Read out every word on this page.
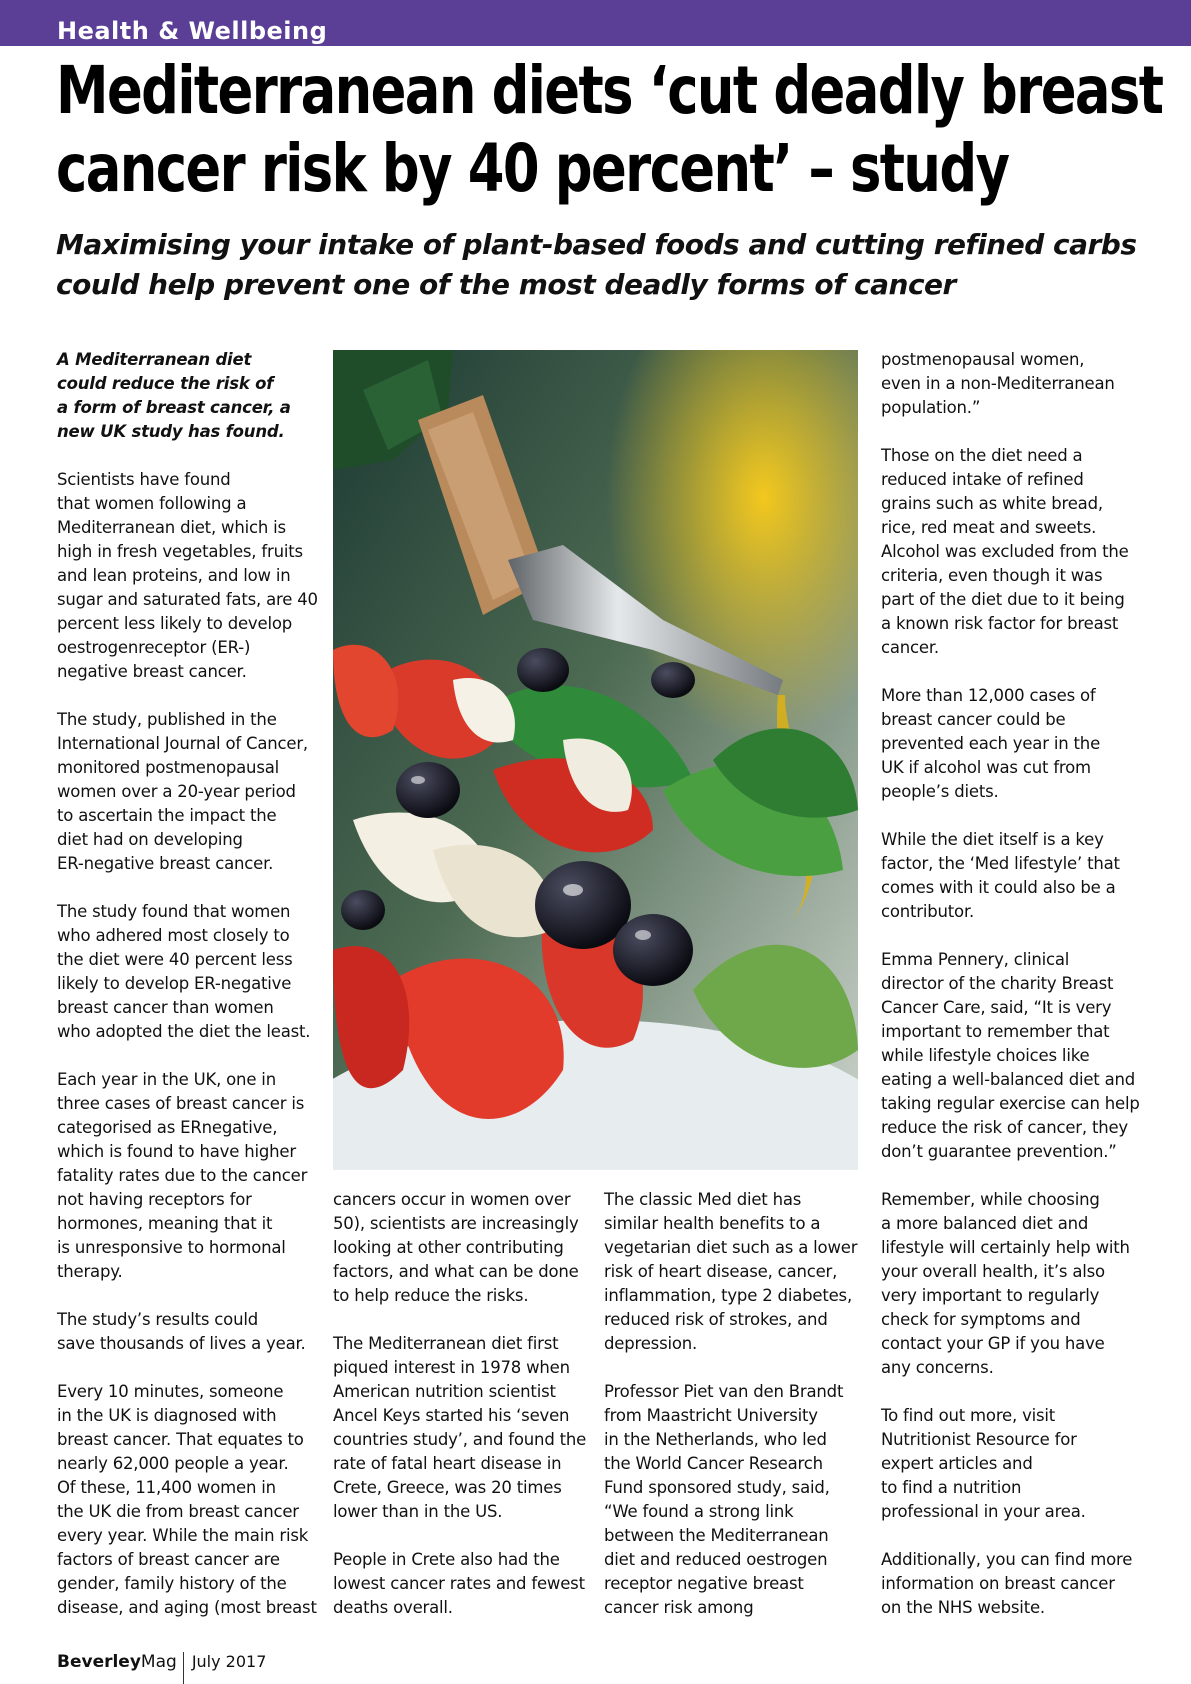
Health & Wellbeing
Mediterranean diets ‘cut deadly breast
cancer risk by 40 percent’ – study
Maximising your intake of plant-based foods and cutting refined carbs
could help prevent one of the most deadly forms of cancer

A Mediterranean diet
could reduce the risk of
a form of breast cancer, a
new UK study has found.

Scientists have found
that women following a
Mediterranean diet, which is
high in fresh vegetables, fruits
and lean proteins, and low in
sugar and saturated fats, are 40
percent less likely to develop
oestrogenreceptor (ER-)
negative breast cancer.

The study, published in the
International Journal of Cancer,
monitored postmenopausal
women over a 20-year period
to ascertain the impact the
diet had on developing
ER-negative breast cancer.

The study found that women
who adhered most closely to
the diet were 40 percent less
likely to develop ER-negative
breast cancer than women
who adopted the diet the least.

Each year in the UK, one in
three cases of breast cancer is
categorised as ERnegative,
which is found to have higher
fatality rates due to the cancer
not having receptors for
hormones, meaning that it
is unresponsive to hormonal
therapy.

The study’s results could
save thousands of lives a year.

Every 10 minutes, someone
in the UK is diagnosed with
breast cancer. That equates to
nearly 62,000 people a year.
Of these, 11,400 women in
the UK die from breast cancer
every year. While the main risk
factors of breast cancer are
gender, family history of the
disease, and aging (most breast

cancers occur in women over
50), scientists are increasingly
looking at other contributing
factors, and what can be done
to help reduce the risks.

The Mediterranean diet first
piqued interest in 1978 when
American nutrition scientist
Ancel Keys started his ‘seven
countries study’, and found the
rate of fatal heart disease in
Crete, Greece, was 20 times
lower than in the US.

People in Crete also had the
lowest cancer rates and fewest
deaths overall.

The classic Med diet has
similar health benefits to a
vegetarian diet such as a lower
risk of heart disease, cancer,
inflammation, type 2 diabetes,
reduced risk of strokes, and
depression.

Professor Piet van den Brandt
from Maastricht University
in the Netherlands, who led
the World Cancer Research
Fund sponsored study, said,
“We found a strong link
between the Mediterranean
diet and reduced oestrogen
receptor negative breast
cancer risk among

postmenopausal women,
even in a non-Mediterranean
population.”

Those on the diet need a
reduced intake of refined
grains such as white bread,
rice, red meat and sweets.
Alcohol was excluded from the
criteria, even though it was
part of the diet due to it being
a known risk factor for breast
cancer.

More than 12,000 cases of
breast cancer could be
prevented each year in the
UK if alcohol was cut from
people’s diets.

While the diet itself is a key
factor, the ‘Med lifestyle’ that
comes with it could also be a
contributor.

Emma Pennery, clinical
director of the charity Breast
Cancer Care, said, “It is very
important to remember that
while lifestyle choices like
eating a well-balanced diet and
taking regular exercise can help
reduce the risk of cancer, they
don’t guarantee prevention.”

Remember, while choosing
a more balanced diet and
lifestyle will certainly help with
your overall health, it’s also
very important to regularly
check for symptoms and
contact your GP if you have
any concerns.

To find out more, visit
Nutritionist Resource for
expert articles and
to find a nutrition
professional in your area.

Additionally, you can find more
information on breast cancer
on the NHS website.

Beverley Mag July 2017
